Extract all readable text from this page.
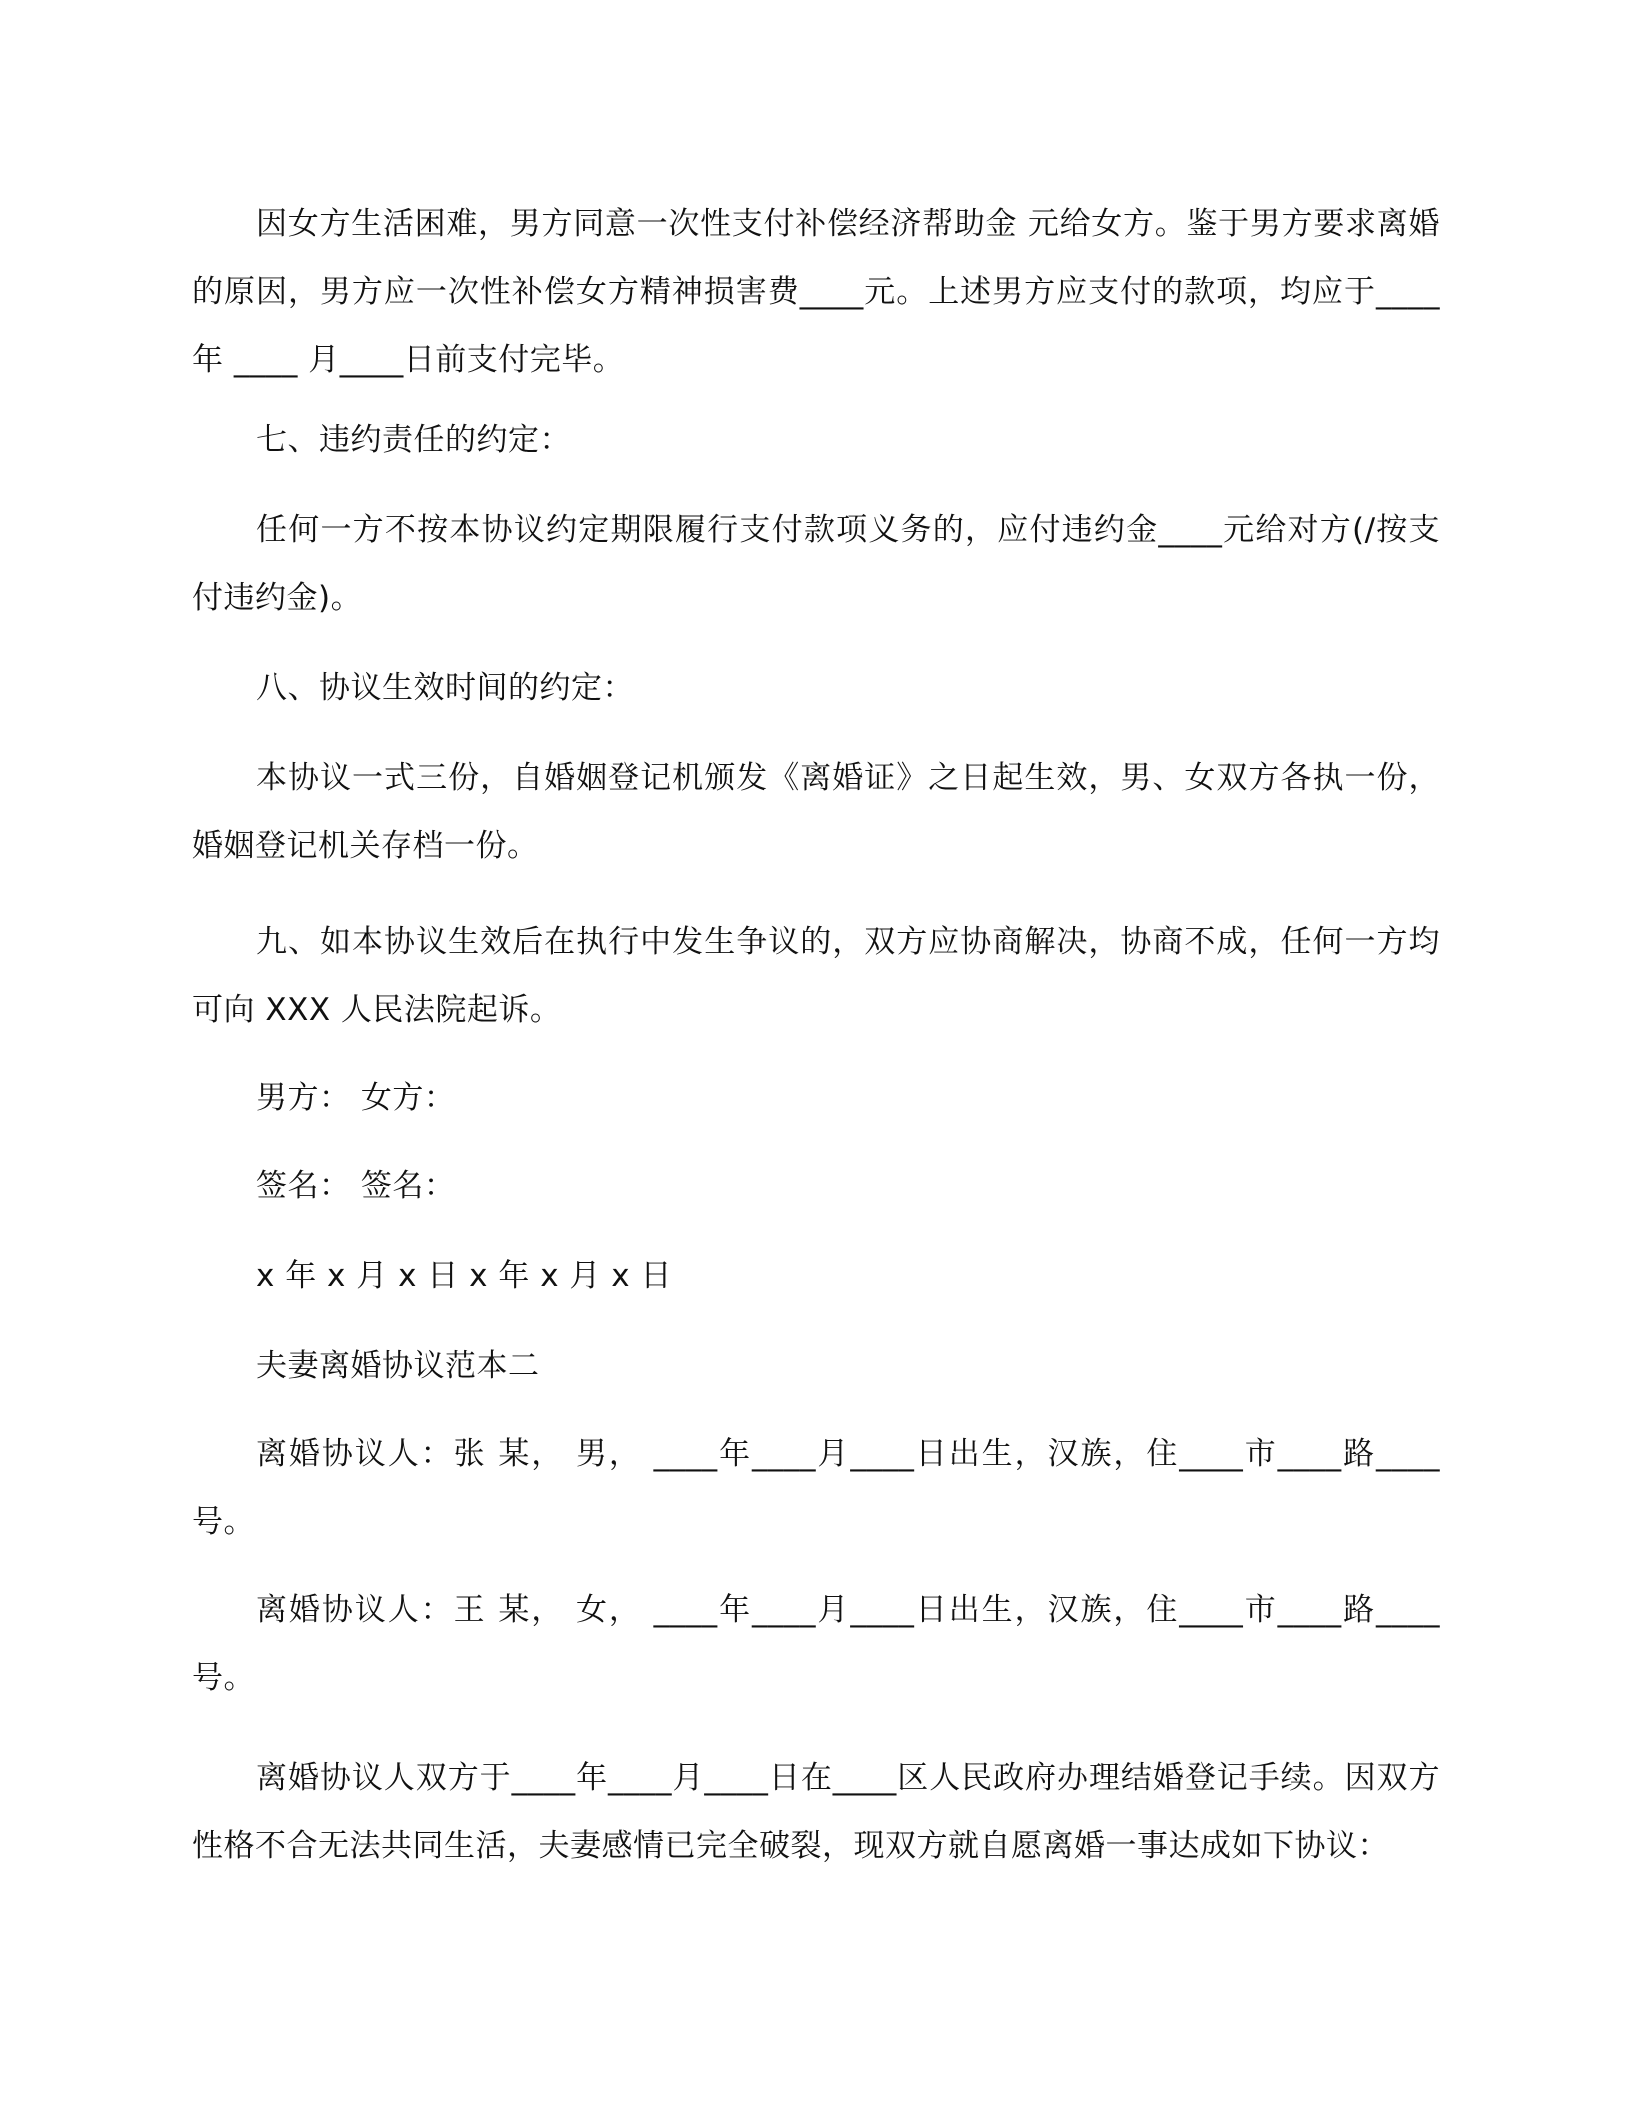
因女方生活困难，男方同意一次性支付补偿经济帮助金 元给女方。鉴于男方要求离婚的原因，男方应一次性补偿女方精神损害费____元。上述男方应支付的款项，均应于____年 ____ 月____日前支付完毕。

七、违约责任的约定：

任何一方不按本协议约定期限履行支付款项义务的，应付违约金____元给对方(/按支付违约金)。

八、协议生效时间的约定：

本协议一式三份，自婚姻登记机颁发《离婚证》之日起生效，男、女双方各执一份，婚姻登记机关存档一份。

九、如本协议生效后在执行中发生争议的，双方应协商解决，协商不成，任何一方均可向 XXX 人民法院起诉。

男方： 女方：

签名： 签名：

x 年 x 月 x 日 x 年 x 月 x 日

夫妻离婚协议范本二

离婚协议人：张 某， 男， ____年____月____日出生，汉族，住____市____路____号。

离婚协议人：王 某， 女， ____年____月____日出生，汉族，住____市____路____号。

离婚协议人双方于____年____月____日在____区人民政府办理结婚登记手续。因双方性格不合无法共同生活，夫妻感情已完全破裂，现双方就自愿离婚一事达成如下协议：
